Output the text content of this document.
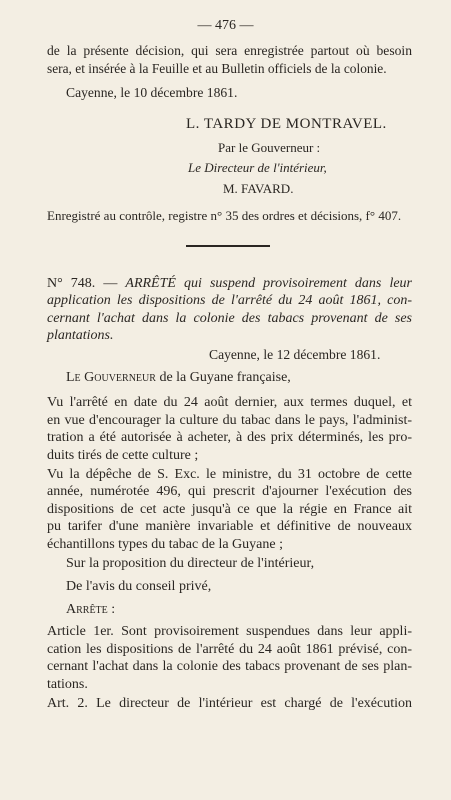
— 476 —
de la présente décision, qui sera enregistrée partout où besoin
sera, et insérée à la Feuille et au Bulletin officiels de la colonie.
Cayenne, le 10 décembre 1861.
L. TARDY DE MONTRAVEL.
Par le Gouverneur :
Le Directeur de l'intérieur,
M. FAVARD.
Enregistré au contrôle, registre n° 35 des ordres et décisions, f° 407.
N° 748. — ARRÊTÉ qui suspend provisoirement dans leur
application les dispositions de l'arrêté du 24 août 1861, con-
cernant l'achat dans la colonie des tabacs provenant de ses
plantations.
Cayenne, le 12 décembre 1861.
Le Gouverneur de la Guyane française,
Vu l'arrêté en date du 24 août dernier, aux termes duquel, et
en vue d'encourager la culture du tabac dans le pays, l'administ-
tration a été autorisée à acheter, à des prix déterminés, les pro-
duits tirés de cette culture ;
Vu la dépêche de S. Exc. le ministre, du 31 octobre de cette
année, numérotée 496, qui prescrit d'ajourner l'exécution des
dispositions de cet acte jusqu'à ce que la régie en France ait
pu tarifer d'une manière invariable et définitive de nouveaux
échantillons types du tabac de la Guyane ;
Sur la proposition du directeur de l'intérieur,
De l'avis du conseil privé,
Arrête :
Article 1er. Sont provisoirement suspendues dans leur appli-
cation les dispositions de l'arrêté du 24 août 1861 prévisé, con-
cernant l'achat dans la colonie des tabacs provenant de ses plan-
tations.
Art. 2. Le directeur de l'intérieur est chargé de l'exécution
